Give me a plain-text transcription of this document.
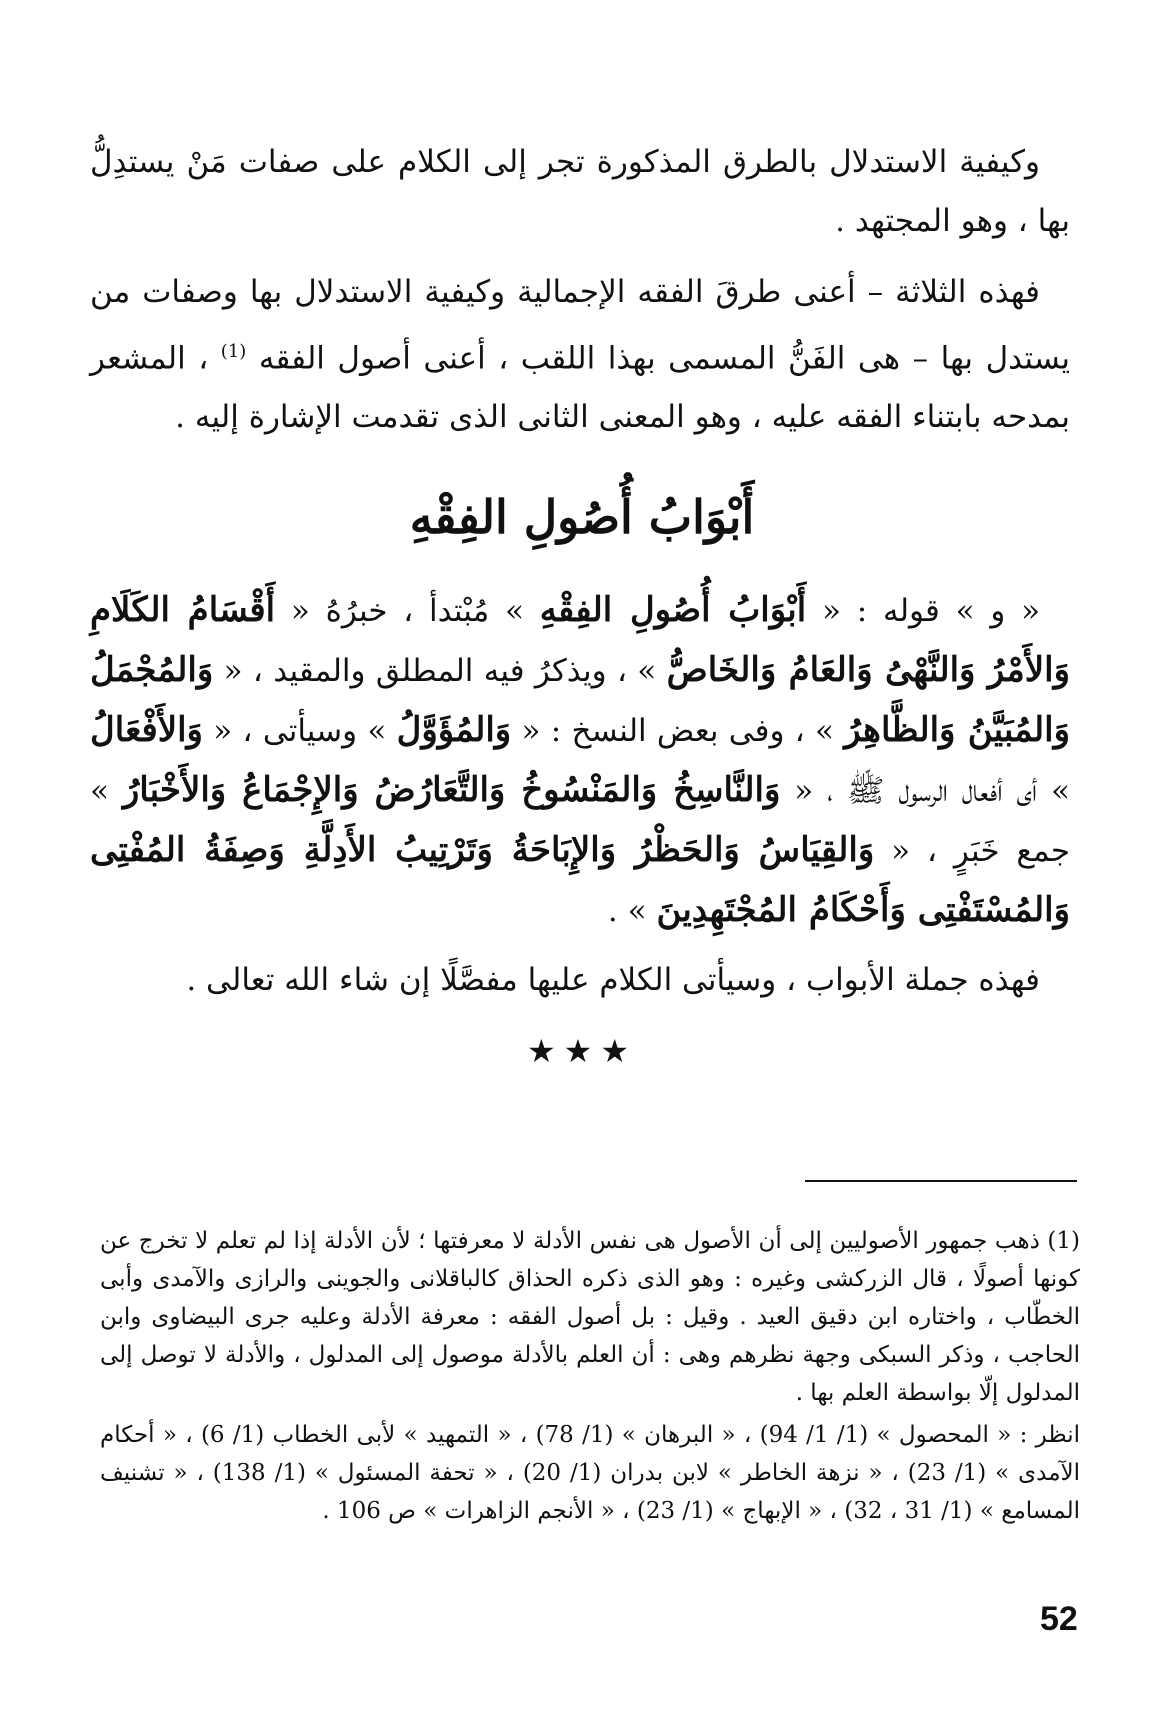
وكيفية الاستدلال بالطرق المذكورة تجر إلى الكلام على صفات مَنْ يستدِلُّ بها ، وهو المجتهد .

فهذه الثلاثة – أعنى طرقَ الفقه الإجمالية وكيفية الاستدلال بها وصفات من يستدل بها – هى الفَنُّ المسمى بهذا اللقب ، أعنى أصول الفقه $^{(1)}$ ، المشعر بمدحه بابتناء الفقه عليه ، وهو المعنى الثانى الذى تقدمت الإشارة إليه .

أَبْوَابُ أُصُولِ الفِقْهِ

« و » قوله : « أَبْوَابُ أُصُولِ الفِقْهِ » مُبْتدأ ، خبرُهُ « أَقْسَامُ الكَلَامِ وَالأَمْرُ وَالنَّهْىُ وَالعَامُ وَالخَاصُّ » ، ويذكرُ فيه المطلق والمقيد ، « وَالمُجْمَلُ وَالمُبَيَّنُ وَالظَّاهِرُ » ، وفى بعض النسخ : « وَالمُؤَوَّلُ » وسيأتى ، « وَالأَفْعَالُ » أى أفعال الرسول ﷺ ، « وَالنَّاسِخُ وَالمَنْسُوخُ وَالتَّعَارُضُ وَالإِجْمَاعُ وَالأَخْبَارُ » جمع خَبَرٍ ، « وَالقِيَاسُ وَالحَظْرُ وَالإِبَاحَةُ وَتَرْتِيبُ الأَدِلَّةِ وَصِفَةُ المُفْتِى وَالمُسْتَفْتِى وَأَحْكَامُ المُجْتَهِدِينَ » .

فهذه جملة الأبواب ، وسيأتى الكلام عليها مفصَّلًا إن شاء الله تعالى .

★★★

(1) ذهب جمهور الأصوليين إلى أن الأصول هى نفس الأدلة لا معرفتها ؛ لأن الأدلة إذا لم تعلم لا تخرج عن كونها أصولًا ، قال الزركشى وغيره : وهو الذى ذكره الحذاق كالباقلانى والجوينى والرازى والآمدى وأبى الخطّاب ، واختاره ابن دقيق العيد . وقيل : بل أصول الفقه : معرفة الأدلة وعليه جرى البيضاوى وابن الحاجب ، وذكر السبكى وجهة نظرهم وهى : أن العلم بالأدلة موصول إلى المدلول ، والأدلة لا توصل إلى المدلول إلّا بواسطة العلم بها .

انظر : « المحصول » (1/ 1/ 94) ، « البرهان » (1/ 78) ، « التمهيد » لأبى الخطاب (1/ 6) ، « أحكام الآمدى » (1/ 23) ، « نزهة الخاطر » لابن بدران (1/ 20) ، « تحفة المسئول » (1/ 138) ، « تشنيف المسامع » (1/ 31 ، 32) ، « الإبهاج » (1/ 23) ، « الأنجم الزاهرات » ص 106 .

52
